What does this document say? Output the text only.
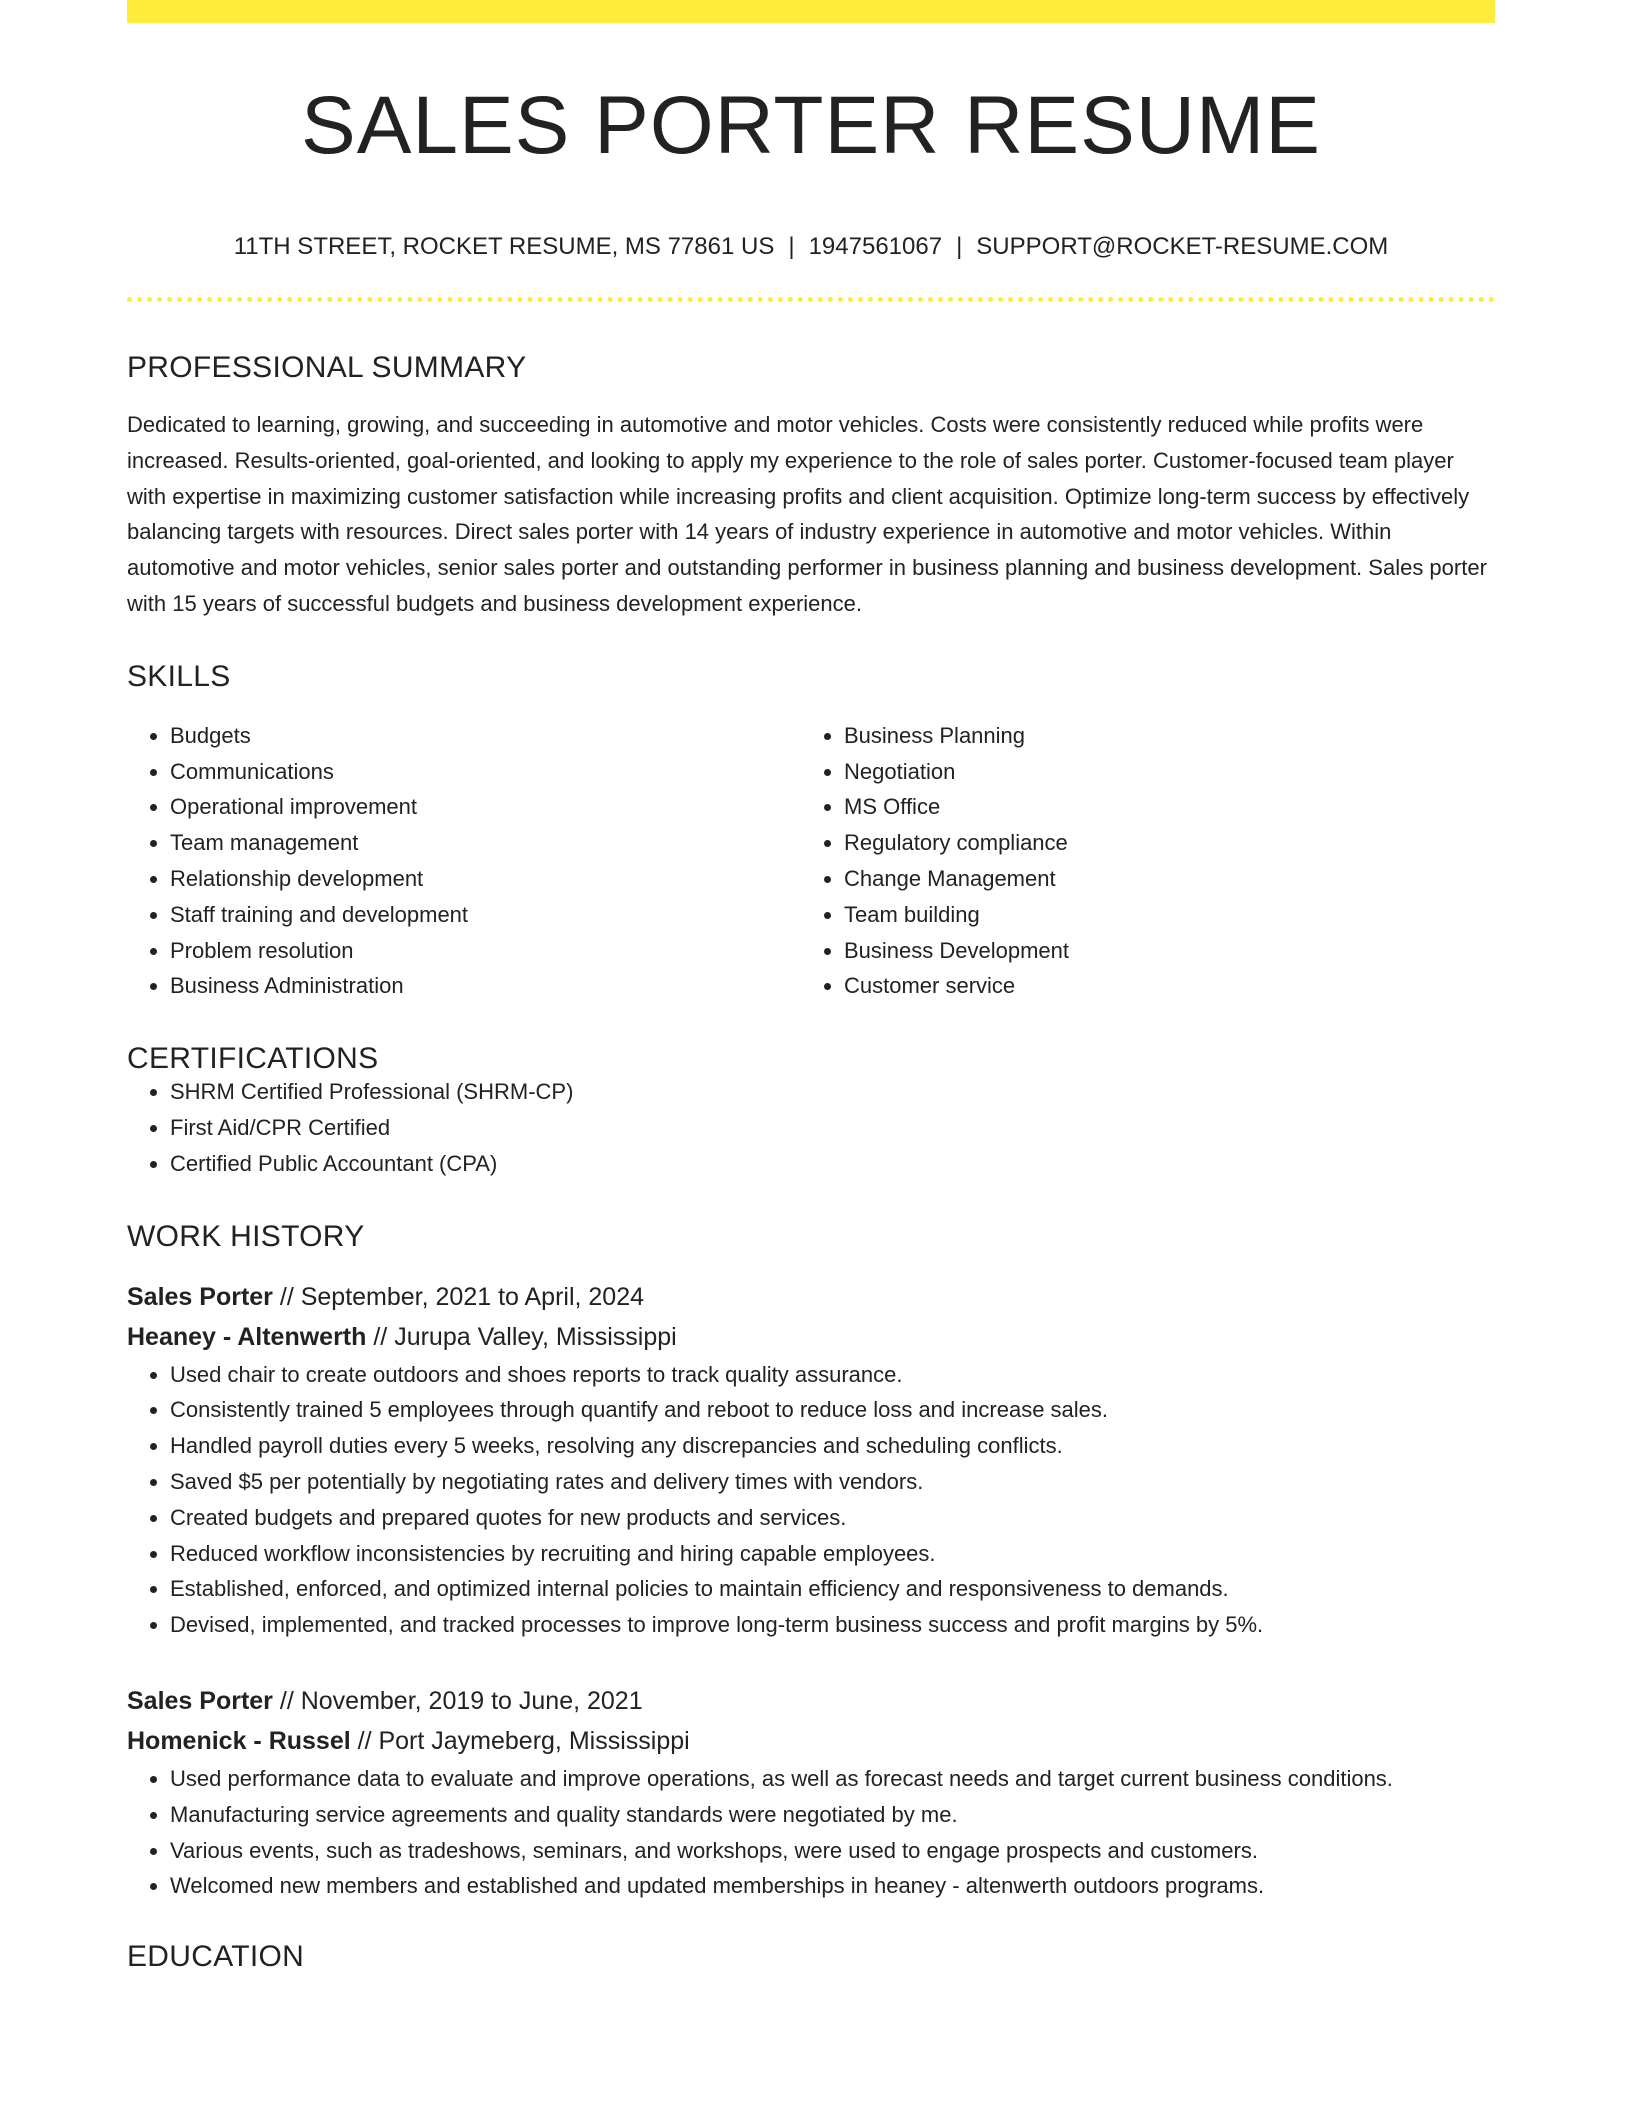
SALES PORTER RESUME
11TH STREET, ROCKET RESUME, MS 77861 US | 1947561067 | SUPPORT@ROCKET-RESUME.COM
PROFESSIONAL SUMMARY

Dedicated to learning, growing, and succeeding in automotive and motor vehicles. Costs were consistently reduced while profits were increased. Results-oriented, goal-oriented, and looking to apply my experience to the role of sales porter. Customer-focused team player with expertise in maximizing customer satisfaction while increasing profits and client acquisition. Optimize long-term success by effectively balancing targets with resources. Direct sales porter with 14 years of industry experience in automotive and motor vehicles. Within automotive and motor vehicles, senior sales porter and outstanding performer in business planning and business development. Sales porter with 15 years of successful budgets and business development experience.

SKILLS
• Budgets
• Communications
• Operational improvement
• Team management
• Relationship development
• Staff training and development
• Problem resolution
• Business Administration
• Business Planning
• Negotiation
• MS Office
• Regulatory compliance
• Change Management
• Team building
• Business Development
• Customer service
CERTIFICATIONS
• SHRM Certified Professional (SHRM-CP)
• First Aid/CPR Certified
• Certified Public Accountant (CPA)
WORK HISTORY
Sales Porter // September, 2021 to April, 2024
Heaney - Altenwerth // Jurupa Valley, Mississippi
• Used chair to create outdoors and shoes reports to track quality assurance.
• Consistently trained 5 employees through quantify and reboot to reduce loss and increase sales.
• Handled payroll duties every 5 weeks, resolving any discrepancies and scheduling conflicts.
• Saved $5 per potentially by negotiating rates and delivery times with vendors.
• Created budgets and prepared quotes for new products and services.
• Reduced workflow inconsistencies by recruiting and hiring capable employees.
• Established, enforced, and optimized internal policies to maintain efficiency and responsiveness to demands.
• Devised, implemented, and tracked processes to improve long-term business success and profit margins by 5%.
Sales Porter // November, 2019 to June, 2021
Homenick - Russel // Port Jaymeberg, Mississippi
• Used performance data to evaluate and improve operations, as well as forecast needs and target current business conditions.
• Manufacturing service agreements and quality standards were negotiated by me.
• Various events, such as tradeshows, seminars, and workshops, were used to engage prospects and customers.
• Welcomed new members and established and updated memberships in heaney - altenwerth outdoors programs.
EDUCATION
